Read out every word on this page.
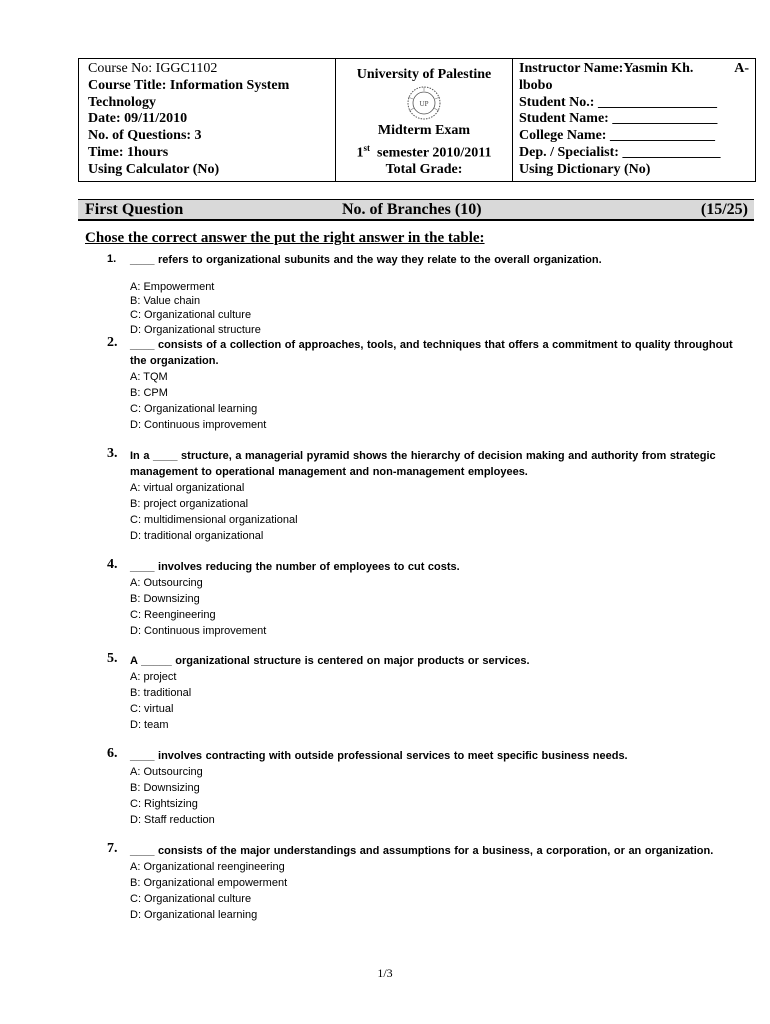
Course No: IGGC1102
Course Title: Information System
Technology
Date: 09/11/2010
No. of Questions: 3
Time: 1hours
Using Calculator (No)
University of Palestine
UP
Midterm Exam
1st semester 2010/2011
Total Grade:
Instructor Name:Yasmin Kh.	A-
lbobo
Student No.: _________________
Student Name: _______________
College Name: _______________
Dep. / Specialist: ______________
Using Dictionary (No)
First Question	No. of Branches (10)	(15/25)
Chose the correct answer the put the right answer in the table:
1. ____ refers to organizational subunits and the way they relate to the overall organization.
A: Empowerment
B: Value chain
C: Organizational culture
D: Organizational structure
2. ____ consists of a collection of approaches, tools, and techniques that offers a commitment to quality throughout the organization.
A: TQM
B: CPM
C: Organizational learning
D: Continuous improvement
3. In a ____ structure, a managerial pyramid shows the hierarchy of decision making and authority from strategic management to operational management and non-management employees.
A: virtual organizational
B: project organizational
C: multidimensional organizational
D: traditional organizational
4. ____ involves reducing the number of employees to cut costs.
A: Outsourcing
B: Downsizing
C: Reengineering
D: Continuous improvement
5. A _____ organizational structure is centered on major products or services.
A: project
B: traditional
C: virtual
D: team
6. ____ involves contracting with outside professional services to meet specific business needs.
A: Outsourcing
B: Downsizing
C: Rightsizing
D: Staff reduction
7. ____ consists of the major understandings and assumptions for a business, a corporation, or an organization.
A: Organizational reengineering
B: Organizational empowerment
C: Organizational culture
D: Organizational learning
1/3
